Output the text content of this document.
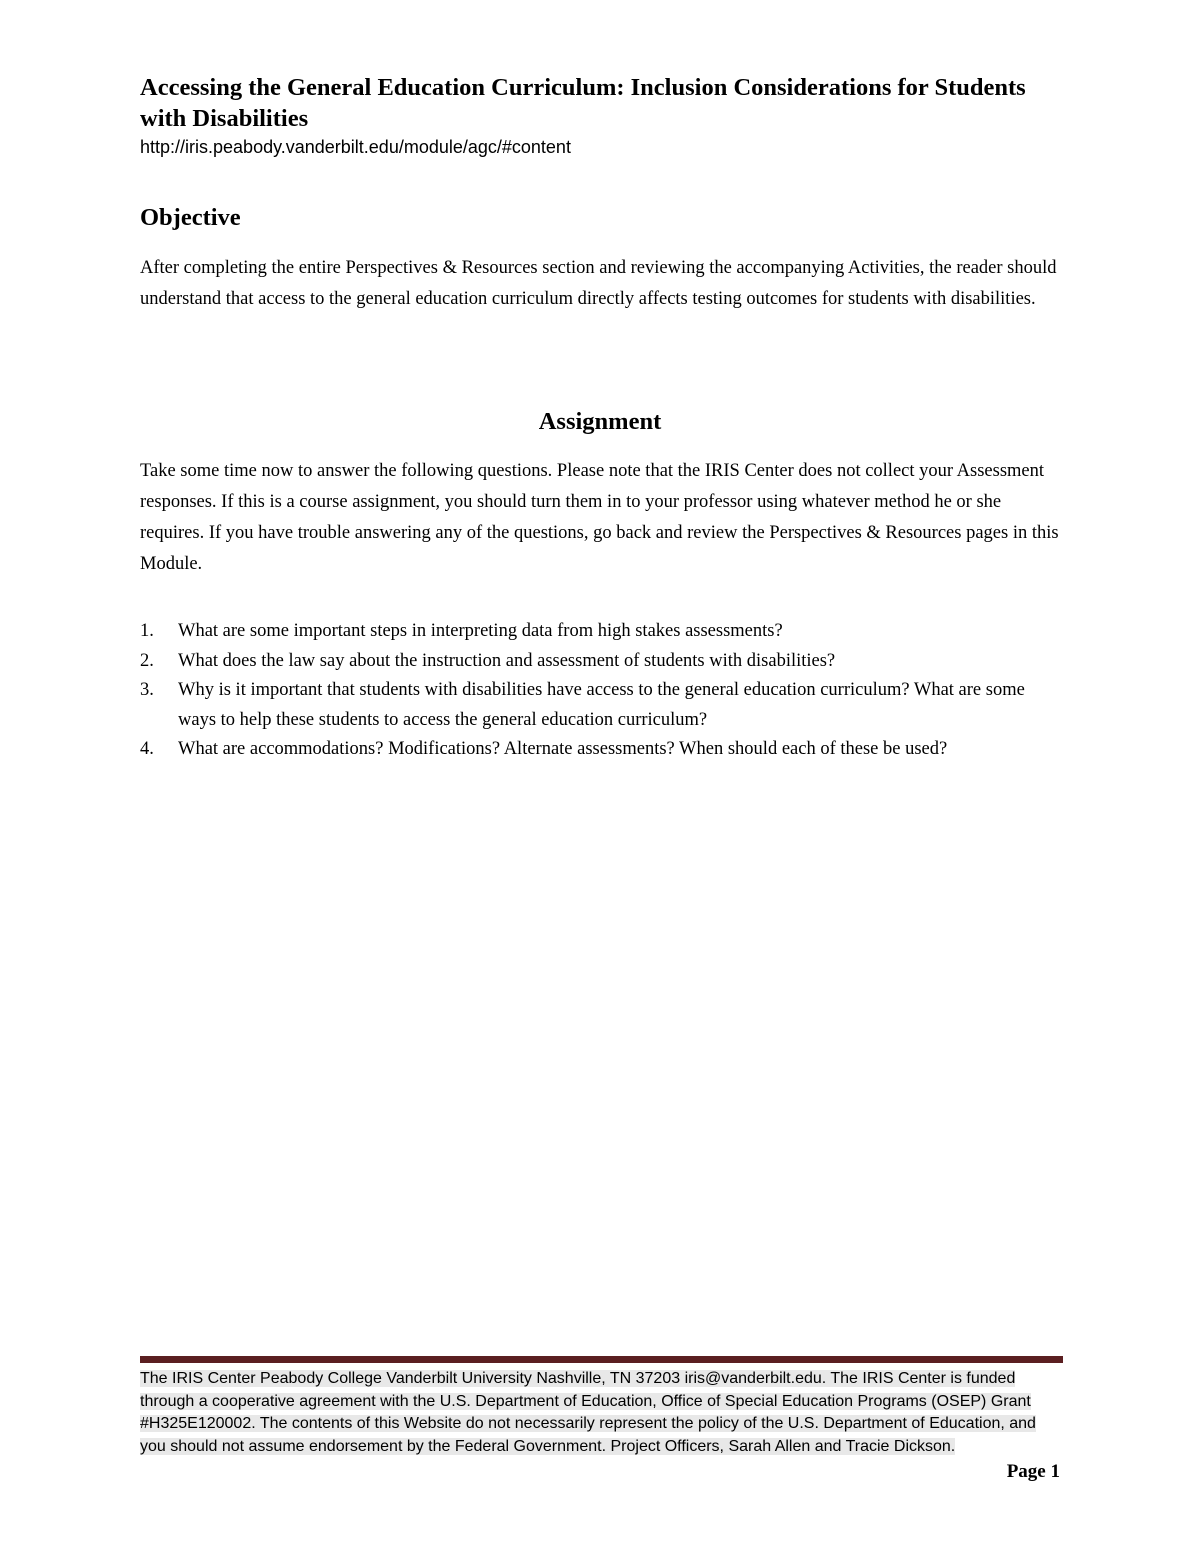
Accessing the General Education Curriculum: Inclusion Considerations for Students with Disabilities

http://iris.peabody.vanderbilt.edu/module/agc/#content

Objective

After completing the entire Perspectives & Resources section and reviewing the accompanying Activities, the reader should understand that access to the general education curriculum directly affects testing outcomes for students with disabilities.

Assignment

Take some time now to answer the following questions. Please note that the IRIS Center does not collect your Assessment responses. If this is a course assignment, you should turn them in to your professor using whatever method he or she requires. If you have trouble answering any of the questions, go back and review the Perspectives & Resources pages in this Module.

1. What are some important steps in interpreting data from high stakes assessments?
2. What does the law say about the instruction and assessment of students with disabilities?
3. Why is it important that students with disabilities have access to the general education curriculum? What are some ways to help these students to access the general education curriculum?
4. What are accommodations? Modifications? Alternate assessments? When should each of these be used?

The IRIS Center Peabody College Vanderbilt University Nashville, TN 37203 iris@vanderbilt.edu. The IRIS Center is funded through a cooperative agreement with the U.S. Department of Education, Office of Special Education Programs (OSEP) Grant #H325E120002. The contents of this Website do not necessarily represent the policy of the U.S. Department of Education, and you should not assume endorsement by the Federal Government. Project Officers, Sarah Allen and Tracie Dickson.

Page 1
